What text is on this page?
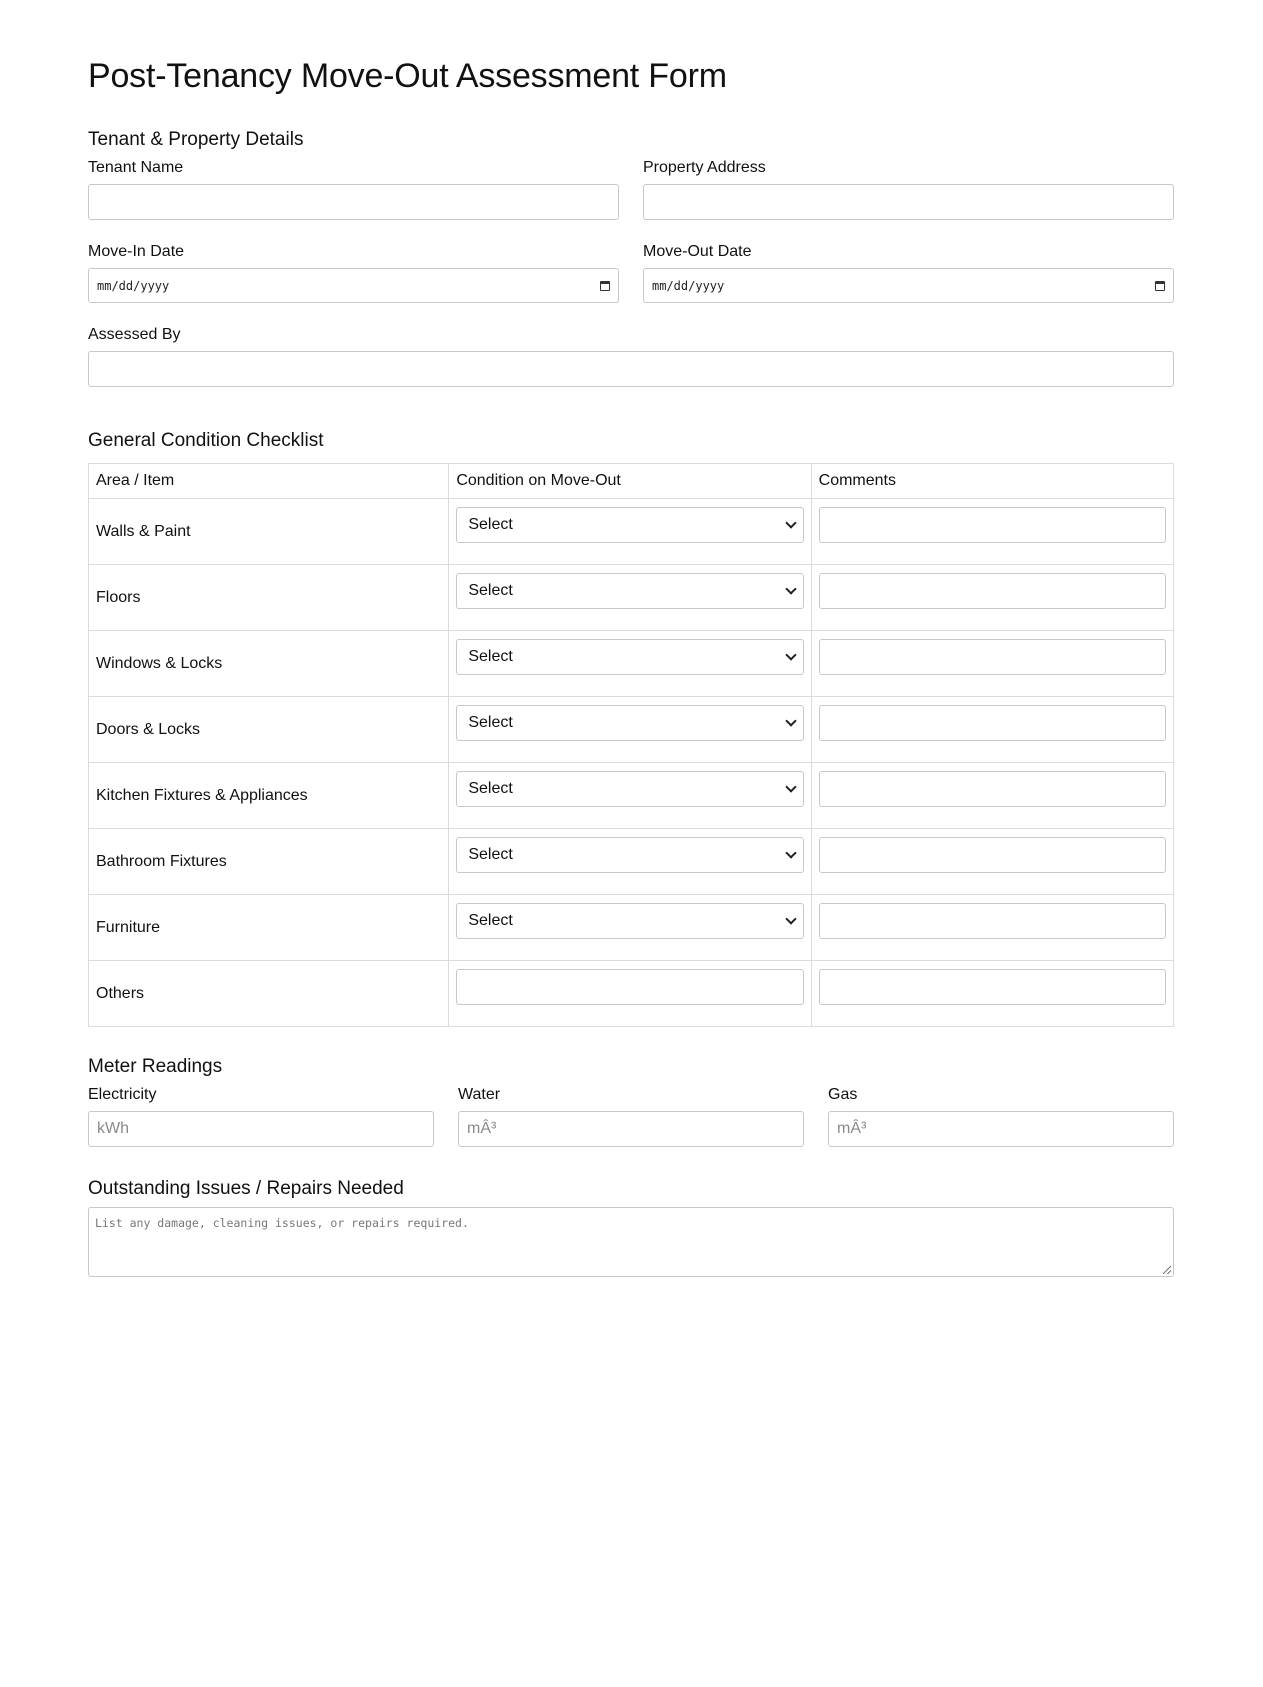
Post-Tenancy Move-Out Assessment Form
Tenant & Property Details
Tenant Name	Property Address
Move-In Date
mm/dd/yyyy
Move-Out Date
mm/dd/yyyy
Assessed By
General Condition Checklist
Area / Item	Condition on Move-Out	Comments
Walls & Paint	Select	

Floors	Select	

Windows & Locks	Select	

Doors & Locks	Select	

Kitchen Fixtures & Appliances	Select	

Bathroom Fixtures	Select	

Furniture	Select	

Others	

Meter Readings
Electricity
kWh
Water
mÂ³
Gas
mÂ³
Outstanding Issues / Repairs Needed
List any damage, cleaning issues, or repairs required.
